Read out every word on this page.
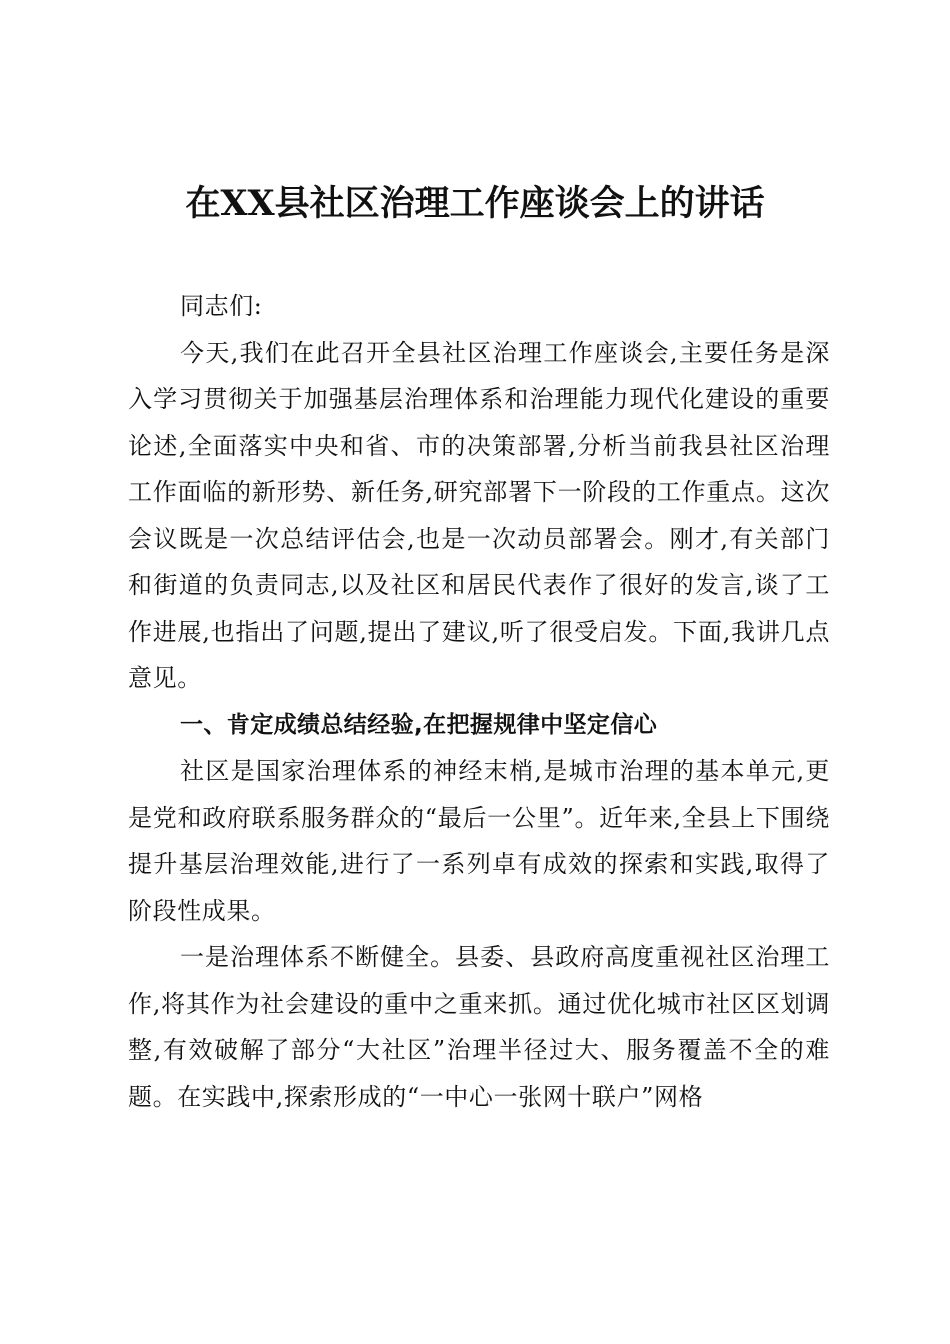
在XX县社区治理工作座谈会上的讲话

同志们:

今天,我们在此召开全县社区治理工作座谈会,主要任务是深入学习贯彻关于加强基层治理体系和治理能力现代化建设的重要论述,全面落实中央和省、市的决策部署,分析当前我县社区治理工作面临的新形势、新任务,研究部署下一阶段的工作重点。这次会议既是一次总结评估会,也是一次动员部署会。刚才,有关部门和街道的负责同志,以及社区和居民代表作了很好的发言,谈了工作进展,也指出了问题,提出了建议,听了很受启发。下面,我讲几点意见。

一、肯定成绩总结经验,在把握规律中坚定信心

社区是国家治理体系的神经末梢,是城市治理的基本单元,更是党和政府联系服务群众的“最后一公里”。近年来,全县上下围绕提升基层治理效能,进行了一系列卓有成效的探索和实践,取得了阶段性成果。

一是治理体系不断健全。县委、县政府高度重视社区治理工作,将其作为社会建设的重中之重来抓。通过优化城市社区区划调整,有效破解了部分“大社区”治理半径过大、服务覆盖不全的难题。在实践中,探索形成的“一中心一张网十联户”网格
